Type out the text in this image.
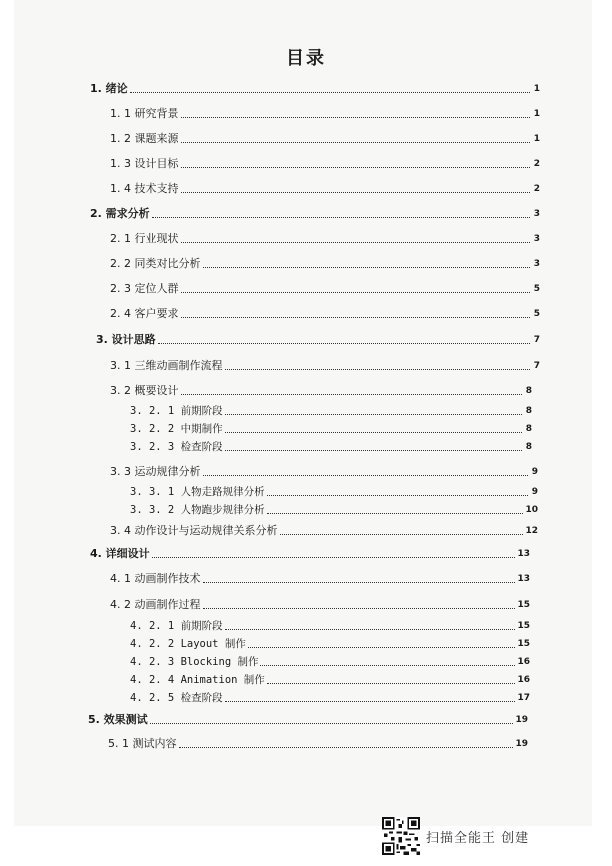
目录
1. 绪论	1
1. 1 研究背景	1
1. 2 课题来源	1
1. 3 设计目标	2
1. 4 技术支持	2
2. 需求分析	3
2. 1 行业现状	3
2. 2 同类对比分析	3
2. 3 定位人群	5
2. 4 客户要求	5
3. 设计思路	7
3. 1 三维动画制作流程	7
3. 2 概要设计	8
3. 2. 1 前期阶段	8
3. 2. 2 中期制作	8
3. 2. 3 检查阶段	8
3. 3 运动规律分析	9
3. 3. 1 人物走路规律分析	9
3. 3. 2 人物跑步规律分析	10
3. 4 动作设计与运动规律关系分析	12
4. 详细设计	13
4. 1 动画制作技术	13
4. 2 动画制作过程	15
4. 2. 1 前期阶段	15
4. 2. 2 Layout 制作	15
4. 2. 3 Blocking 制作	16
4. 2. 4 Animation 制作	16
4. 2. 5 检查阶段	17
5. 效果测试	19
5. 1 测试内容	19
扫描全能王 创建
